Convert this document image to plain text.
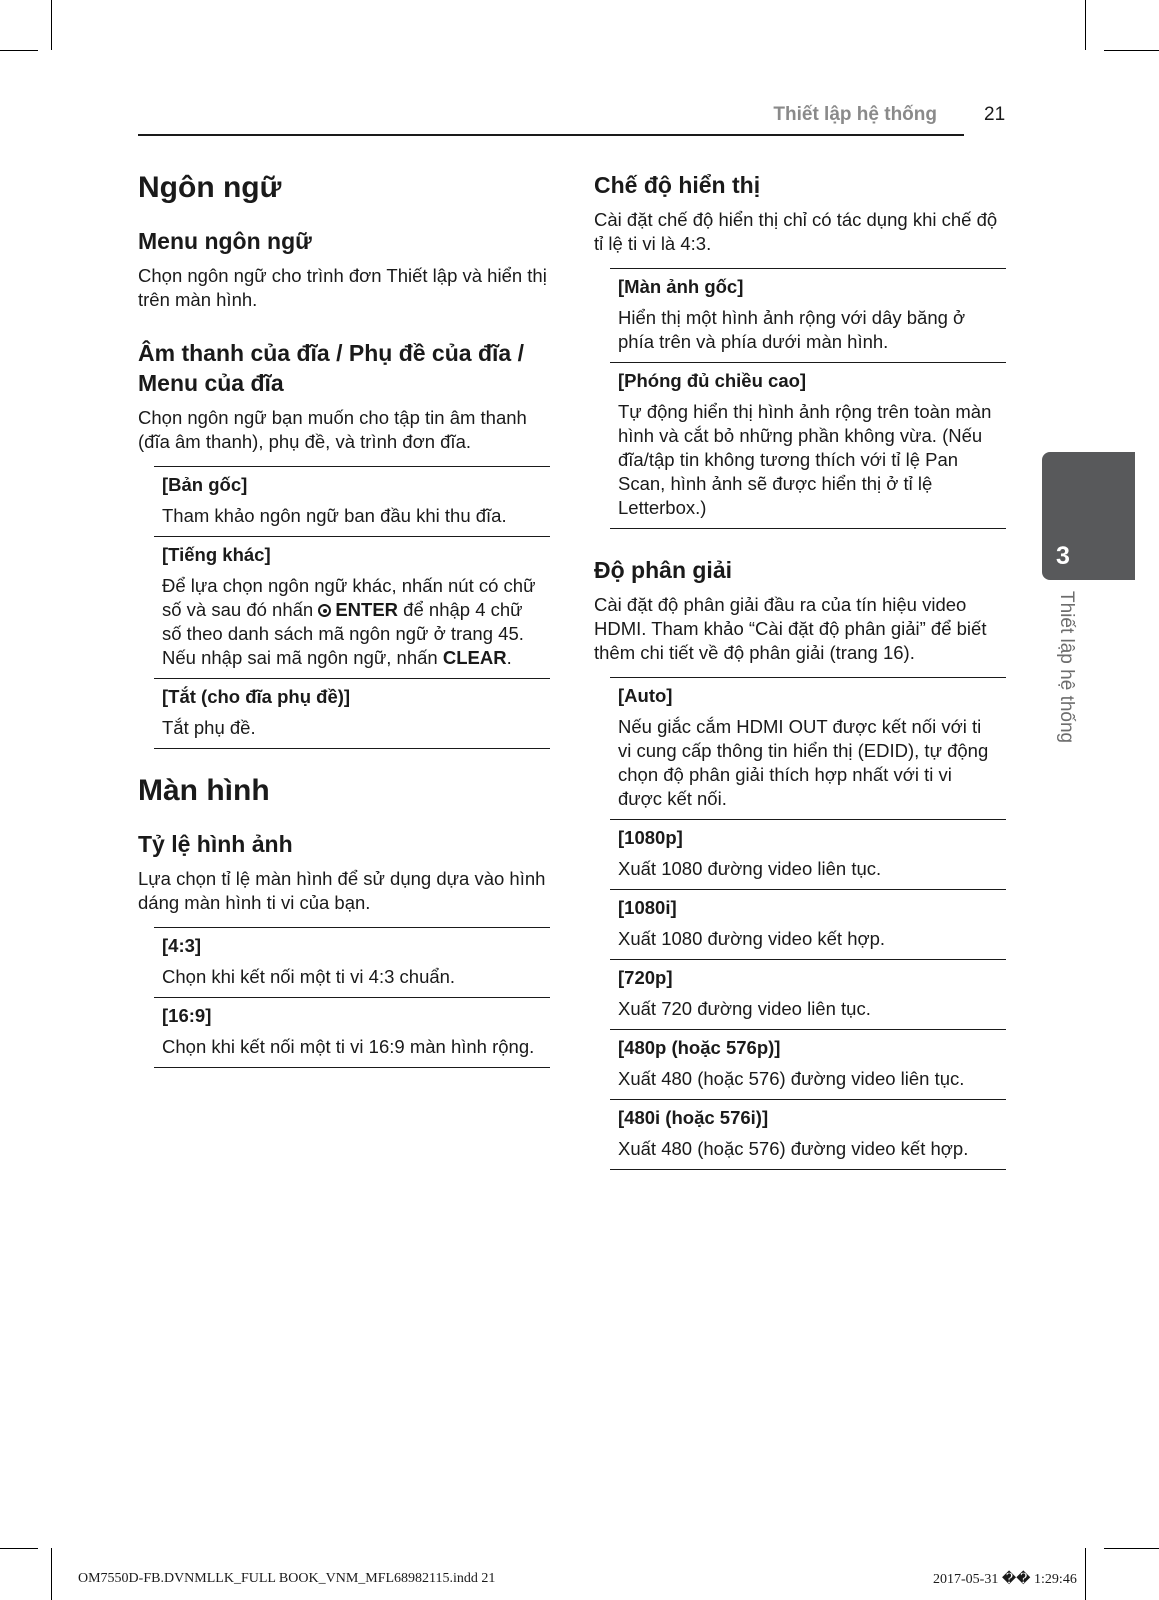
Thiết lập hệ thống 21
Ngôn ngữ
Menu ngôn ngữ

Chọn ngôn ngữ cho trình đơn Thiết lập và hiển thị trên màn hình.

Âm thanh của đĩa / Phụ đề của đĩa / Menu của đĩa

Chọn ngôn ngữ bạn muốn cho tập tin âm thanh (đĩa âm thanh), phụ đề, và trình đơn đĩa.

[Bản gốc]
Tham khảo ngôn ngữ ban đầu khi thu đĩa.
[Tiếng khác]
Để lựa chọn ngôn ngữ khác, nhấn nút có chữ số và sau đó nhấn ENTER để nhập 4 chữ số theo danh sách mã ngôn ngữ ở trang 45. Nếu nhập sai mã ngôn ngữ, nhấn CLEAR.
[Tắt (cho đĩa phụ đề)]
Tắt phụ đề.
Màn hình
Tỷ lệ hình ảnh

Lựa chọn tỉ lệ màn hình để sử dụng dựa vào hình dáng màn hình ti vi của bạn.

[4:3]
Chọn khi kết nối một ti vi 4:3 chuẩn.
[16:9]
Chọn khi kết nối một ti vi 16:9 màn hình rộng.
Chế độ hiển thị

Cài đặt chế độ hiển thị chỉ có tác dụng khi chế độ tỉ lệ ti vi là 4:3.

[Màn ảnh gốc]
Hiển thị một hình ảnh rộng với dây băng ở phía trên và phía dưới màn hình.
[Phóng đủ chiều cao]
Tự động hiển thị hình ảnh rộng trên toàn màn hình và cắt bỏ những phần không vừa. (Nếu đĩa/tập tin không tương thích với tỉ lệ Pan Scan, hình ảnh sẽ được hiển thị ở tỉ lệ Letterbox.)
Độ phân giải

Cài đặt độ phân giải đầu ra của tín hiệu video HDMI. Tham khảo “Cài đặt độ phân giải” để biết thêm chi tiết về độ phân giải (trang 16).

[Auto]
Nếu giắc cắm HDMI OUT được kết nối với ti vi cung cấp thông tin hiển thị (EDID), tự động chọn độ phân giải thích hợp nhất với ti vi được kết nối.
[1080p]
Xuất 1080 đường video liên tục.
[1080i]
Xuất 1080 đường video kết hợp.
[720p]
Xuất 720 đường video liên tục.
[480p (hoặc 576p)]
Xuất 480 (hoặc 576) đường video liên tục.
[480i (hoặc 576i)]
Xuất 480 (hoặc 576) đường video kết hợp.
3
Thiết lập hệ thống
OM7550D-FB.DVNMLLK_FULL BOOK_VNM_MFL68982115.indd 21	2017-05-31 �� 1:29:46
